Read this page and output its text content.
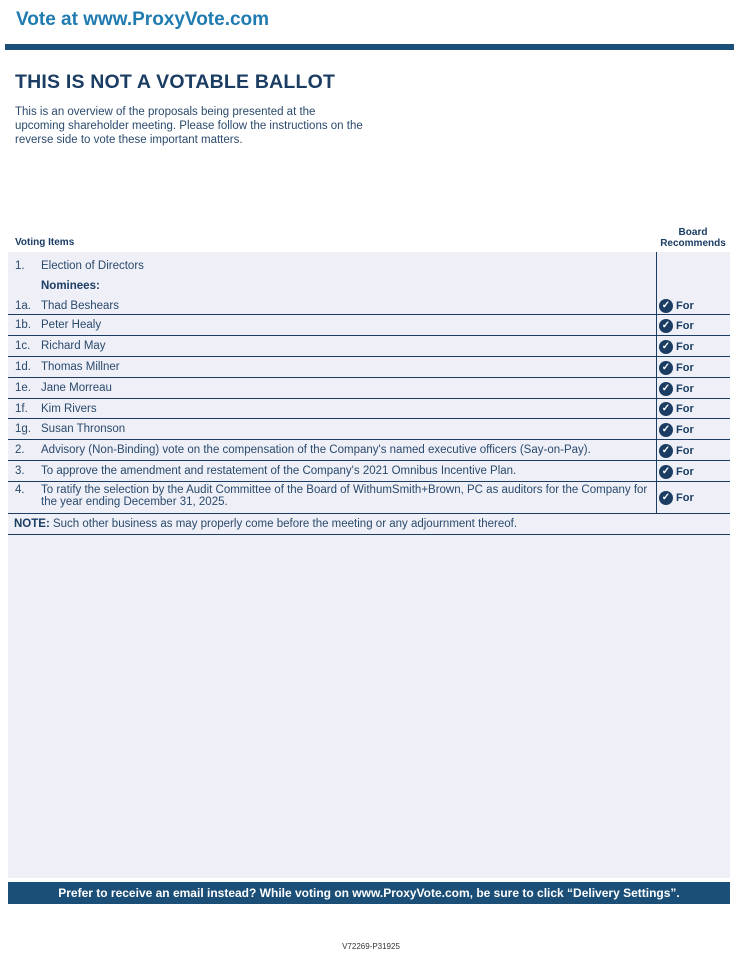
Vote at www.ProxyVote.com
THIS IS NOT A VOTABLE BALLOT
This is an overview of the proposals being presented at the upcoming shareholder meeting. Please follow the instructions on the reverse side to vote these important matters.
Voting Items
Board
Recommends
1. Election of Directors
Nominees:
1a. Thad Beshears	✓ For
1b. Peter Healy	✓ For
1c. Richard May	✓ For
1d. Thomas Millner	✓ For
1e. Jane Morreau	✓ For
1f. Kim Rivers	✓ For
1g. Susan Thronson	✓ For
2. Advisory (Non-Binding) vote on the compensation of the Company's named executive officers (Say-on-Pay).	✓ For
3. To approve the amendment and restatement of the Company's 2021 Omnibus Incentive Plan.	✓ For
4. To ratify the selection by the Audit Committee of the Board of WithumSmith+Brown, PC as auditors for the Company for the year ending December 31, 2025.	✓ For
NOTE: Such other business as may properly come before the meeting or any adjournment thereof.
Prefer to receive an email instead? While voting on www.ProxyVote.com, be sure to click “Delivery Settings”.
V72269-P31925
